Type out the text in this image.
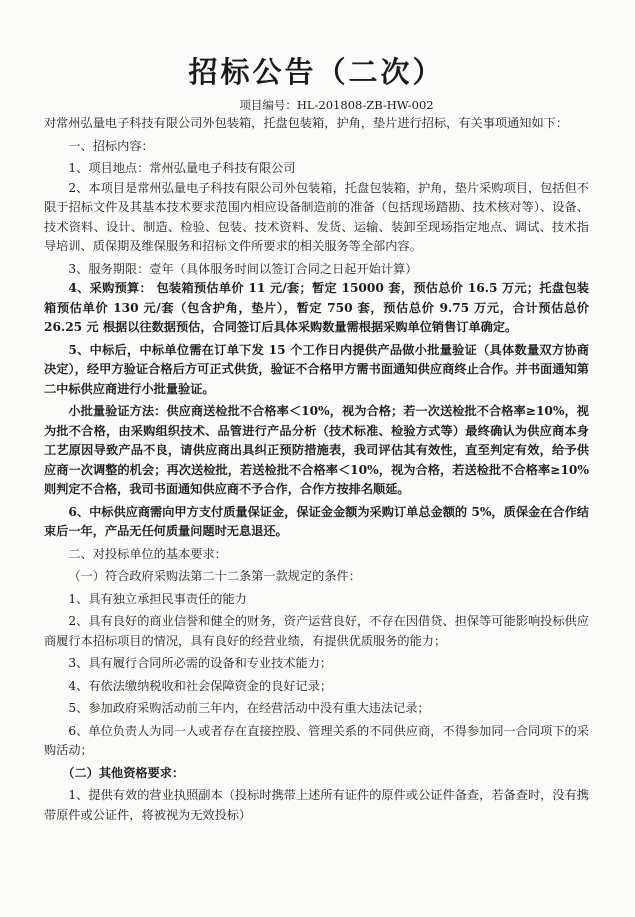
招标公告（二次）
项目编号：HL-201808-ZB-HW-002

对常州弘量电子科技有限公司外包装箱，托盘包装箱，护角，垫片进行招标，有关事项通知如下：

一、招标内容：

1、项目地点：常州弘量电子科技有限公司

2、本项目是常州弘量电子科技有限公司外包装箱，托盘包装箱，护角，垫片采购项目，包括但不限于招标文件及其基本技术要求范围内相应设备制造前的准备（包括现场踏勘、技术核对等）、设备、技术资料、设计、制造、检验、包装、技术资料、发货、运输、装卸至现场指定地点、调试、技术指导培训、质保期及维保服务和招标文件所要求的相关服务等全部内容。

3、服务期限：壹年（具体服务时间以签订合同之日起开始计算）

4、采购预算： 包装箱预估单价 11 元/套；暂定 15000 套，预估总价 16.5 万元；托盘包装箱预估单价 130 元/套（包含护角，垫片），暂定 750 套，预估总价 9.75 万元，合计预估总价 26.25 元 根据以往数据预估，合同签订后具体采购数量需根据采购单位销售订单确定。

5、中标后，中标单位需在订单下发 15 个工作日内提供产品做小批量验证（具体数量双方协商决定），经甲方验证合格后方可正式供货，验证不合格甲方需书面通知供应商终止合作。并书面通知第二中标供应商进行小批量验证。

小批量验证方法：供应商送检批不合格率＜10%，视为合格；若一次送检批不合格率≥10%，视为批不合格，由采购组织技术、品管进行产品分析（技术标准、检验方式等）最终确认为供应商本身工艺原因导致产品不良，请供应商出具纠正预防措施表，我司评估其有效性，直至判定有效，给予供应商一次调整的机会；再次送检批，若送检批不合格率＜10%，视为合格，若送检批不合格率≥10%则判定不合格，我司书面通知供应商不予合作，合作方按排名顺延。

6、中标供应商需向甲方支付质量保证金，保证金金额为采购订单总金额的 5%，质保金在合作结束后一年，产品无任何质量问题时无息退还。

二、对投标单位的基本要求：

（一）符合政府采购法第二十二条第一款规定的条件：

1、具有独立承担民事责任的能力

2、具有良好的商业信誉和健全的财务，资产运营良好，不存在因借贷、担保等可能影响投标供应商履行本招标项目的情况，具有良好的经营业绩，有提供优质服务的能力；

3、具有履行合同所必需的设备和专业技术能力；

4、有依法缴纳税收和社会保障资金的良好记录；

5、参加政府采购活动前三年内，在经营活动中没有重大违法记录；

6、单位负责人为同一人或者存在直接控股、管理关系的不同供应商，不得参加同一合同项下的采购活动；

（二）其他资格要求：

1、提供有效的营业执照副本（投标时携带上述所有证件的原件或公证件备查，若备查时，没有携带原件或公证件，将被视为无效投标）
